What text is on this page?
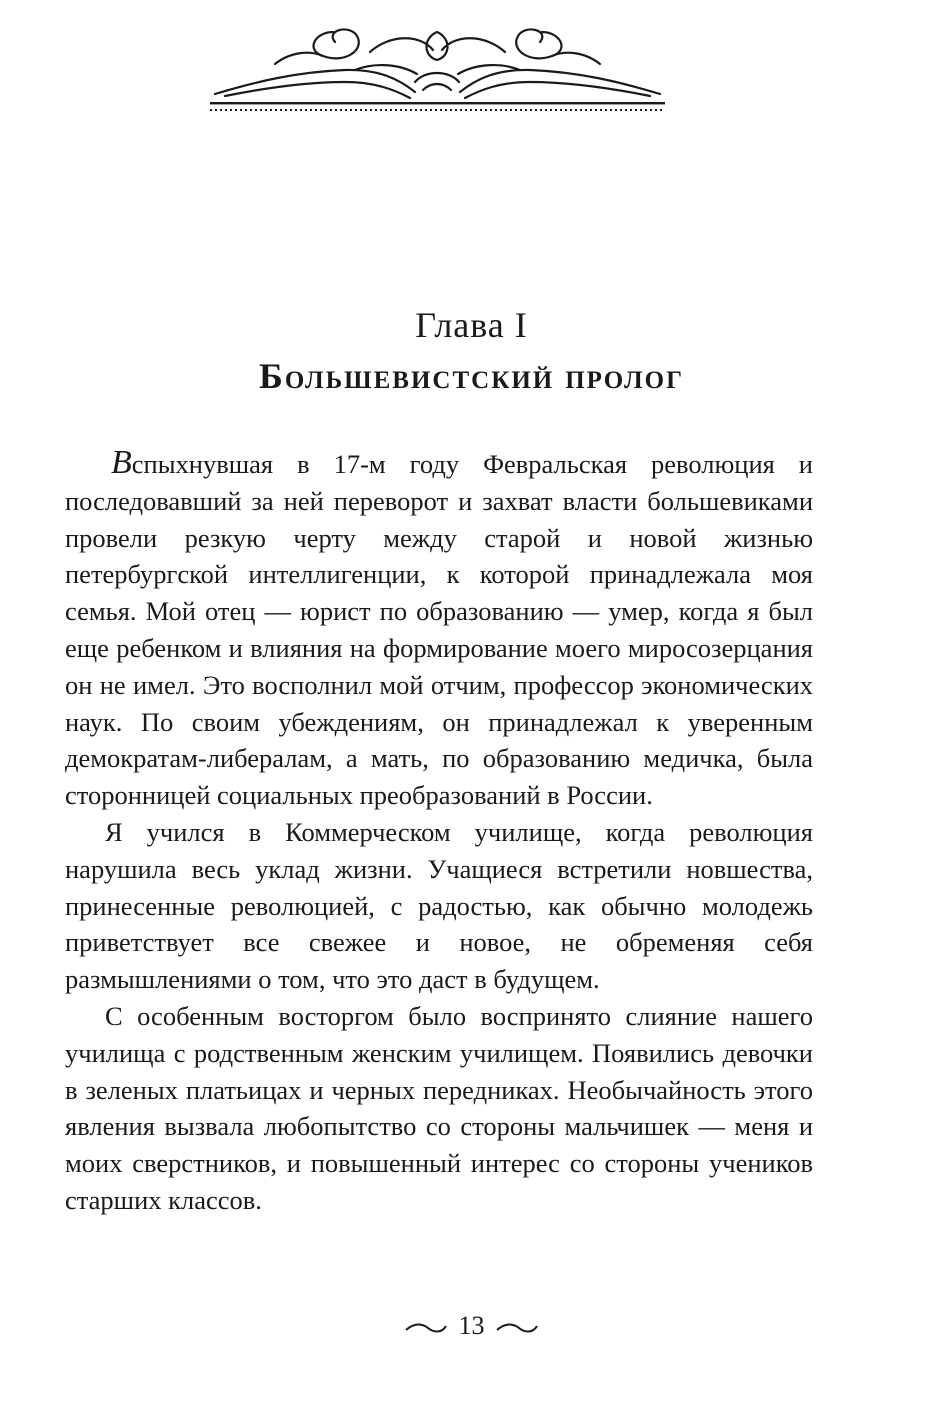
Глава I

Большевистский пролог

Вспыхнувшая в 17-м году Февральская революция и последовавший за ней переворот и захват власти большевиками провели резкую черту между старой и новой жизнью петербургской интеллигенции, к которой принадлежала моя семья. Мой отец — юрист по образованию — умер, когда я был еще ребенком и влияния на формирование моего миросозерцания он не имел. Это восполнил мой отчим, профессор экономических наук. По своим убеждениям, он принадлежал к уверенным демократам-либералам, а мать, по образованию медичка, была сторонницей социальных преобразований в России.

Я учился в Коммерческом училище, когда революция нарушила весь уклад жизни. Учащиеся встретили новшества, принесенные революцией, с радостью, как обычно молодежь приветствует все свежее и новое, не обременяя себя размышлениями о том, что это даст в будущем.

С особенным восторгом было воспринято слияние нашего училища с родственным женским училищем. Появились девочки в зеленых платьицах и черных передниках. Необычайность этого явления вызвала любопытство со стороны мальчишек — меня и моих сверстников, и повышенный интерес со стороны учеников старших классов.

13
